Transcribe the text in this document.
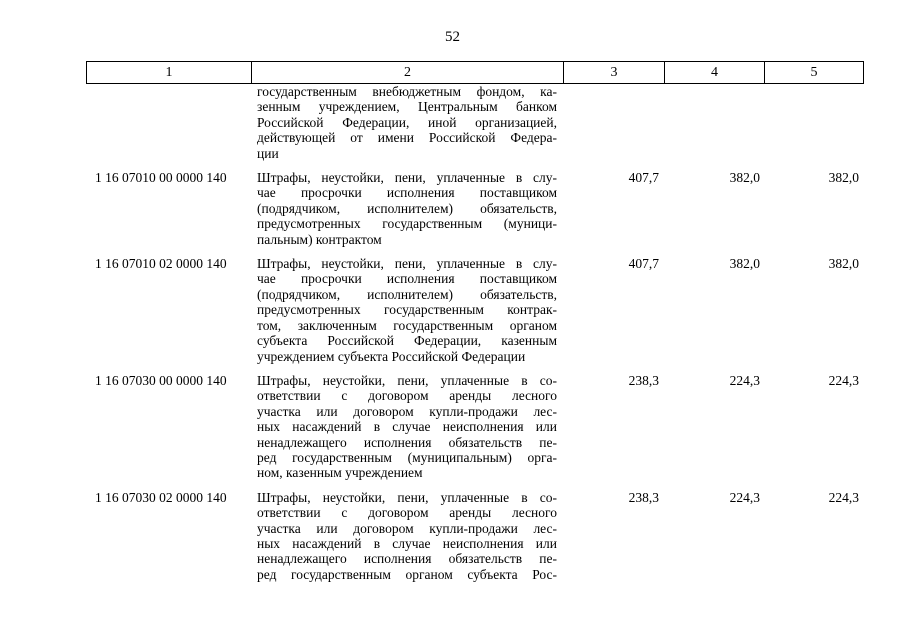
52
1	2	3	4	5
государственным внебюджетным фондом, ка-
зенным учреждением, Центральным банком
Российской Федерации, иной организацией,
действующей от имени Российской Федера-
ции
1 16 07010 00 0000 140 Штрафы, неустойки, пени, уплаченные в слу-
чае просрочки исполнения поставщиком
(подрядчиком, исполнителем) обязательств,
предусмотренных государственным (муници-
пальным) контрактом
407,7	382,0	382,0
1 16 07010 02 0000 140 Штрафы, неустойки, пени, уплаченные в слу-
чае просрочки исполнения поставщиком
(подрядчиком, исполнителем) обязательств,
предусмотренных государственным контрак-
том, заключенным государственным органом
субъекта Российской Федерации, казенным
учреждением субъекта Российской Федерации
407,7	382,0	382,0
1 16 07030 00 0000 140 Штрафы, неустойки, пени, уплаченные в со-
ответствии с договором аренды лесного
участка или договором купли-продажи лес-
ных насаждений в случае неисполнения или
ненадлежащего исполнения обязательств пе-
ред государственным (муниципальным) орга-
ном, казенным учреждением
238,3	224,3	224,3
1 16 07030 02 0000 140 Штрафы, неустойки, пени, уплаченные в со-
ответствии с договором аренды лесного
участка или договором купли-продажи лес-
ных насаждений в случае неисполнения или
ненадлежащего исполнения обязательств пе-
ред государственным органом субъекта Рос-
238,3	224,3	224,3
